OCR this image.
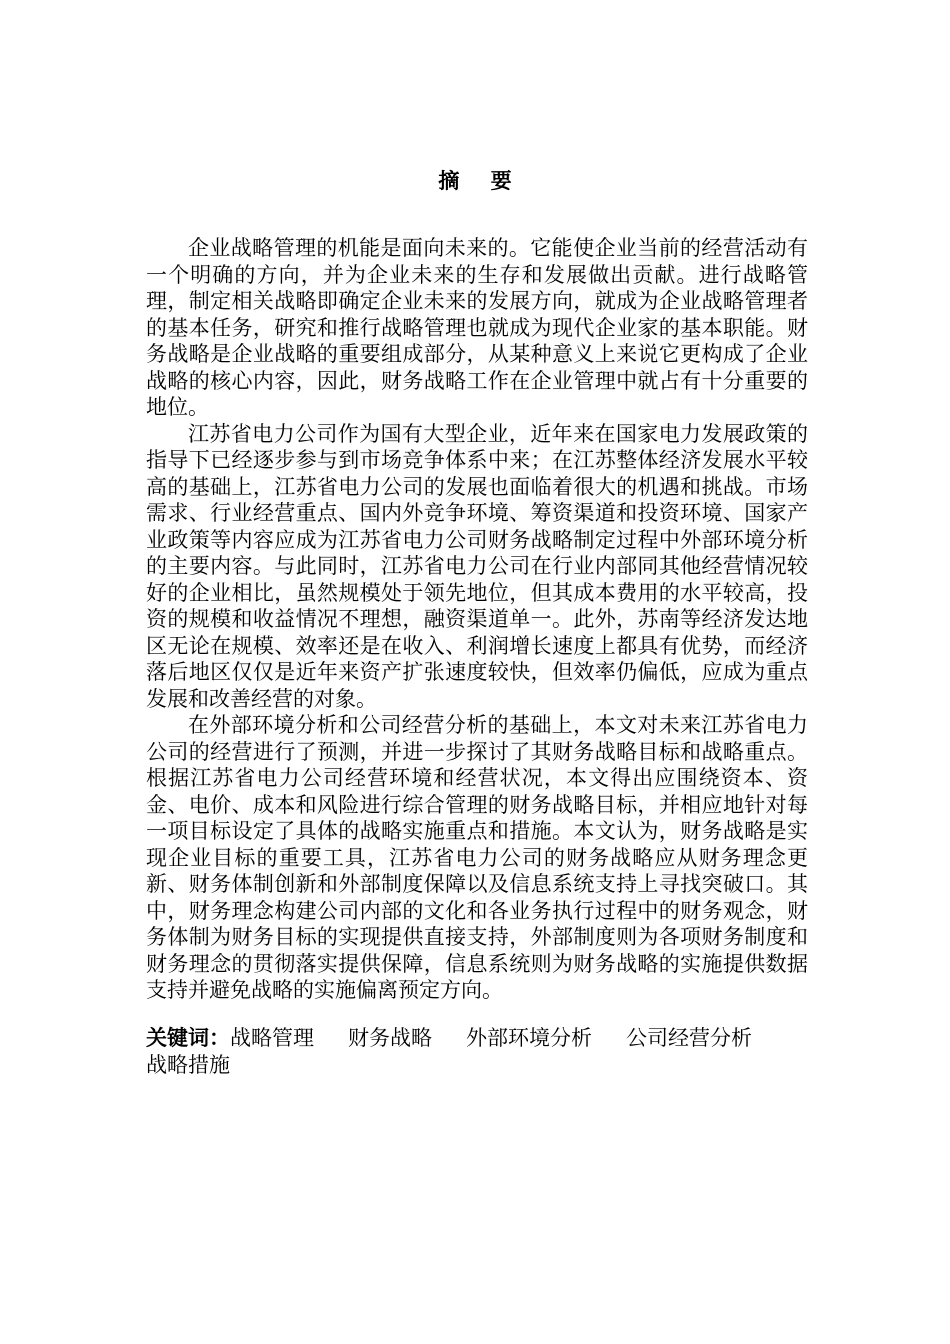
摘 要

企业战略管理的机能是面向未来的。它能使企业当前的经营活动有一个明确的方向，并为企业未来的生存和发展做出贡献。进行战略管理，制定相关战略即确定企业未来的发展方向，就成为企业战略管理者的基本任务，研究和推行战略管理也就成为现代企业家的基本职能。财务战略是企业战略的重要组成部分，从某种意义上来说它更构成了企业战略的核心内容，因此，财务战略工作在企业管理中就占有十分重要的地位。

江苏省电力公司作为国有大型企业，近年来在国家电力发展政策的指导下已经逐步参与到市场竞争体系中来；在江苏整体经济发展水平较高的基础上，江苏省电力公司的发展也面临着很大的机遇和挑战。市场需求、行业经营重点、国内外竞争环境、筹资渠道和投资环境、国家产业政策等内容应成为江苏省电力公司财务战略制定过程中外部环境分析的主要内容。与此同时，江苏省电力公司在行业内部同其他经营情况较好的企业相比，虽然规模处于领先地位，但其成本费用的水平较高，投资的规模和收益情况不理想，融资渠道单一。此外，苏南等经济发达地区无论在规模、效率还是在收入、利润增长速度上都具有优势，而经济落后地区仅仅是近年来资产扩张速度较快，但效率仍偏低，应成为重点发展和改善经营的对象。

在外部环境分析和公司经营分析的基础上，本文对未来江苏省电力公司的经营进行了预测，并进一步探讨了其财务战略目标和战略重点。根据江苏省电力公司经营环境和经营状况，本文得出应围绕资本、资金、电价、成本和风险进行综合管理的财务战略目标，并相应地针对每一项目标设定了具体的战略实施重点和措施。本文认为，财务战略是实现企业目标的重要工具，江苏省电力公司的财务战略应从财务理念更新、财务体制创新和外部制度保障以及信息系统支持上寻找突破口。其中，财务理念构建公司内部的文化和各业务执行过程中的财务观念，财务体制为财务目标的实现提供直接支持，外部制度则为各项财务制度和财务理念的贯彻落实提供保障，信息系统则为财务战略的实施提供数据支持并避免战略的实施偏离预定方向。

关键词：战略管理 财务战略 外部环境分析 公司经营分析
战略措施
